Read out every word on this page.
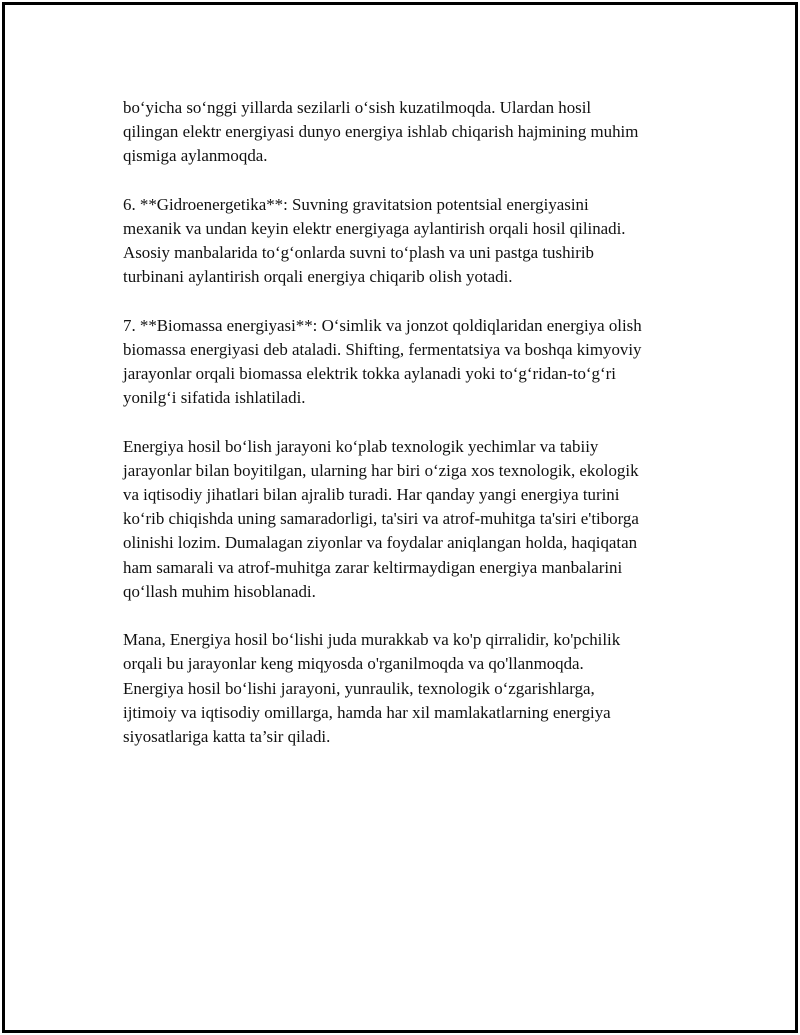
bo‘yicha so‘nggi yillarda sezilarli o‘sish kuzatilmoqda. Ulardan hosil
qilingan elektr energiyasi dunyo energiya ishlab chiqarish hajmining muhim
qismiga aylanmoqda.

6. **Gidroenergetika**: Suvning gravitatsion potentsial energiyasini
mexanik va undan keyin elektr energiyaga aylantirish orqali hosil qilinadi.
Asosiy manbalarida to‘g‘onlarda suvni to‘plash va uni pastga tushirib
turbinani aylantirish orqali energiya chiqarib olish yotadi.

7. **Biomassa energiyasi**: O‘simlik va jonzot qoldiqlaridan energiya olish
biomassa energiyasi deb ataladi. Shifting, fermentatsiya va boshqa kimyoviy
jarayonlar orqali biomassa elektrik tokka aylanadi yoki to‘g‘ridan-to‘g‘ri
yonilg‘i sifatida ishlatiladi.

Energiya hosil bo‘lish jarayoni ko‘plab texnologik yechimlar va tabiiy
jarayonlar bilan boyitilgan, ularning har biri o‘ziga xos texnologik, ekologik
va iqtisodiy jihatlari bilan ajralib turadi. Har qanday yangi energiya turini
ko‘rib chiqishda uning samaradorligi, ta'siri va atrof-muhitga ta'siri e'tiborga
olinishi lozim. Dumalagan ziyonlar va foydalar aniqlangan holda, haqiqatan
ham samarali va atrof-muhitga zarar keltirmaydigan energiya manbalarini
qo‘llash muhim hisoblanadi.

Mana, Energiya hosil bo‘lishi juda murakkab va ko'p qirralidir, ko'pchilik
orqali bu jarayonlar keng miqyosda o'rganilmoqda va qo'llanmoqda.
Energiya hosil bo‘lishi jarayoni, yunraulik, texnologik o‘zgarishlarga,
ijtimoiy va iqtisodiy omillarga, hamda har xil mamlakatlarning energiya
siyosatlariga katta ta’sir qiladi.
